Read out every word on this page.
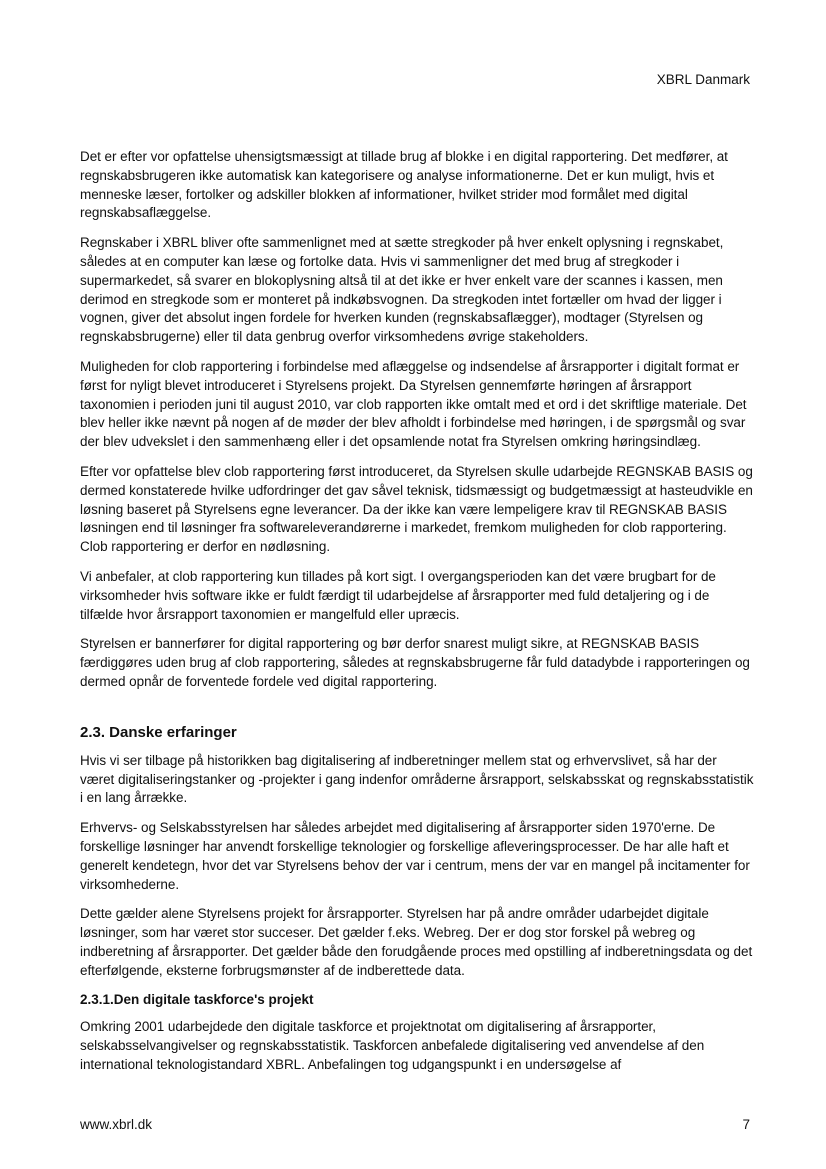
XBRL Danmark

Det er efter vor opfattelse uhensigtsmæssigt at tillade brug af blokke i en digital rapportering. Det medfører, at regnskabsbrugeren ikke automatisk kan kategorisere og analyse informationerne. Det er kun muligt, hvis et menneske læser, fortolker og adskiller blokken af informationer, hvilket strider mod formålet med digital regnskabsaflæggelse.

Regnskaber i XBRL bliver ofte sammenlignet med at sætte stregkoder på hver enkelt oplysning i regnskabet, således at en computer kan læse og fortolke data. Hvis vi sammenligner det med brug af stregkoder i supermarkedet, så svarer en blokoplysning altså til at det ikke er hver enkelt vare der scannes i kassen, men derimod en stregkode som er monteret på indkøbsvognen. Da stregkoden intet fortæller om hvad der ligger i vognen, giver det absolut ingen fordele for hverken kunden (regnskabsaflægger), modtager (Styrelsen og regnskabsbrugerne) eller til data genbrug overfor virksomhedens øvrige stakeholders.

Muligheden for clob rapportering i forbindelse med aflæggelse og indsendelse af årsrapporter i digitalt format er først for nyligt blevet introduceret i Styrelsens projekt. Da Styrelsen gennemførte høringen af årsrapport taxonomien i perioden juni til august 2010, var clob rapporten ikke omtalt med et ord i det skriftlige materiale. Det blev heller ikke nævnt på nogen af de møder der blev afholdt i forbindelse med høringen, i de spørgsmål og svar der blev udvekslet i den sammenhæng eller i det opsamlende notat fra Styrelsen omkring høringsindlæg.

Efter vor opfattelse blev clob rapportering først introduceret, da Styrelsen skulle udarbejde REGNSKAB BASIS og dermed konstaterede hvilke udfordringer det gav såvel teknisk, tidsmæssigt og budgetmæssigt at hasteudvikle en løsning baseret på Styrelsens egne leverancer. Da der ikke kan være lempeligere krav til REGNSKAB BASIS løsningen end til løsninger fra softwareleverandørerne i markedet, fremkom muligheden for clob rapportering. Clob rapportering er derfor en nødløsning.

Vi anbefaler, at clob rapportering kun tillades på kort sigt. I overgangsperioden kan det være brugbart for de virksomheder hvis software ikke er fuldt færdigt til udarbejdelse af årsrapporter med fuld detaljering og i de tilfælde hvor årsrapport taxonomien er mangelfuld eller upræcis.

Styrelsen er bannerfører for digital rapportering og bør derfor snarest muligt sikre, at REGNSKAB BASIS færdiggøres uden brug af clob rapportering, således at regnskabsbrugerne får fuld datadybde i rapporteringen og dermed opnår de forventede fordele ved digital rapportering.

2.3. Danske erfaringer

Hvis vi ser tilbage på historikken bag digitalisering af indberetninger mellem stat og erhvervslivet, så har der været digitaliseringstanker og -projekter i gang indenfor områderne årsrapport, selskabsskat og regnskabsstatistik i en lang årrække.

Erhvervs- og Selskabsstyrelsen har således arbejdet med digitalisering af årsrapporter siden 1970'erne. De forskellige løsninger har anvendt forskellige teknologier og forskellige afleveringsprocesser. De har alle haft et generelt kendetegn, hvor det var Styrelsens behov der var i centrum, mens der var en mangel på incitamenter for virksomhederne.

Dette gælder alene Styrelsens projekt for årsrapporter. Styrelsen har på andre områder udarbejdet digitale løsninger, som har været stor succeser. Det gælder f.eks. Webreg. Der er dog stor forskel på webreg og indberetning af årsrapporter. Det gælder både den forudgående proces med opstilling af indberetningsdata og det efterfølgende, eksterne forbrugsmønster af de indberettede data.

2.3.1.Den digitale taskforce's projekt

Omkring 2001 udarbejdede den digitale taskforce et projektnotat om digitalisering af årsrapporter, selskabsselvangivelser og regnskabsstatistik. Taskforcen anbefalede digitalisering ved anvendelse af den international teknologistandard XBRL. Anbefalingen tog udgangspunkt i en undersøgelse af

www.xbrl.dk	7
